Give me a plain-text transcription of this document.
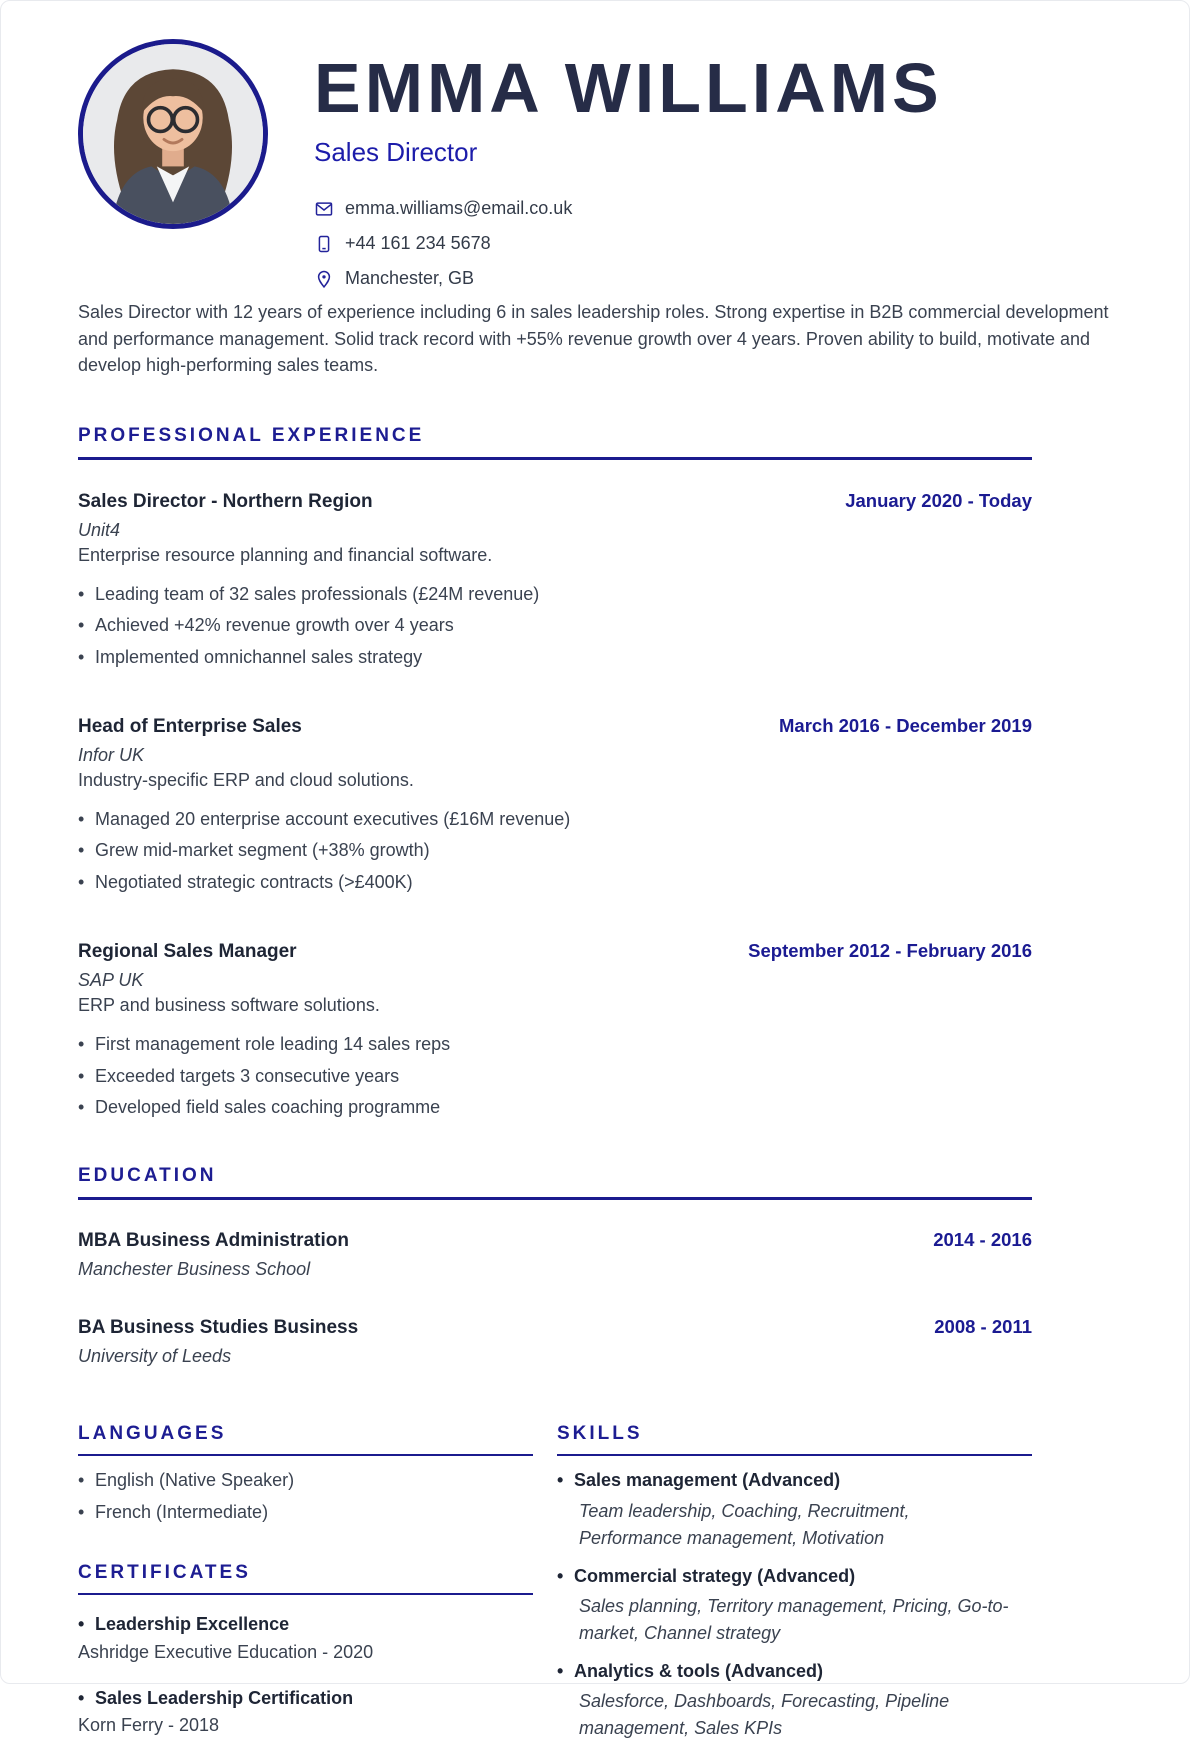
EMMA WILLIAMS
Sales Director
emma.williams@email.co.uk
+44 161 234 5678
Manchester, GB

Sales Director with 12 years of experience including 6 in sales leadership roles. Strong expertise in B2B commercial development and performance management. Solid track record with +55% revenue growth over 4 years. Proven ability to build, motivate and develop high-performing sales teams.

PROFESSIONAL EXPERIENCE
Sales Director - Northern Region	January 2020 - Today
Unit4
Enterprise resource planning and financial software.
• Leading team of 32 sales professionals (£24M revenue)
• Achieved +42% revenue growth over 4 years
• Implemented omnichannel sales strategy
Head of Enterprise Sales	March 2016 - December 2019
Infor UK
Industry-specific ERP and cloud solutions.
• Managed 20 enterprise account executives (£16M revenue)
• Grew mid-market segment (+38% growth)
• Negotiated strategic contracts (>£400K)
Regional Sales Manager	September 2012 - February 2016
SAP UK
ERP and business software solutions.
• First management role leading 14 sales reps
• Exceeded targets 3 consecutive years
• Developed field sales coaching programme
EDUCATION
MBA Business Administration	2014 - 2016
Manchester Business School
BA Business Studies Business	2008 - 2011
University of Leeds
LANGUAGES
• English (Native Speaker)
• French (Intermediate)
CERTIFICATES
• Leadership Excellence
Ashridge Executive Education - 2020
• Sales Leadership Certification
Korn Ferry - 2018
SKILLS
• Sales management (Advanced)
Team leadership, Coaching, Recruitment, Performance management, Motivation
• Commercial strategy (Advanced)
Sales planning, Territory management, Pricing, Go-to-market, Channel strategy
• Analytics & tools (Advanced)
Salesforce, Dashboards, Forecasting, Pipeline management, Sales KPIs
